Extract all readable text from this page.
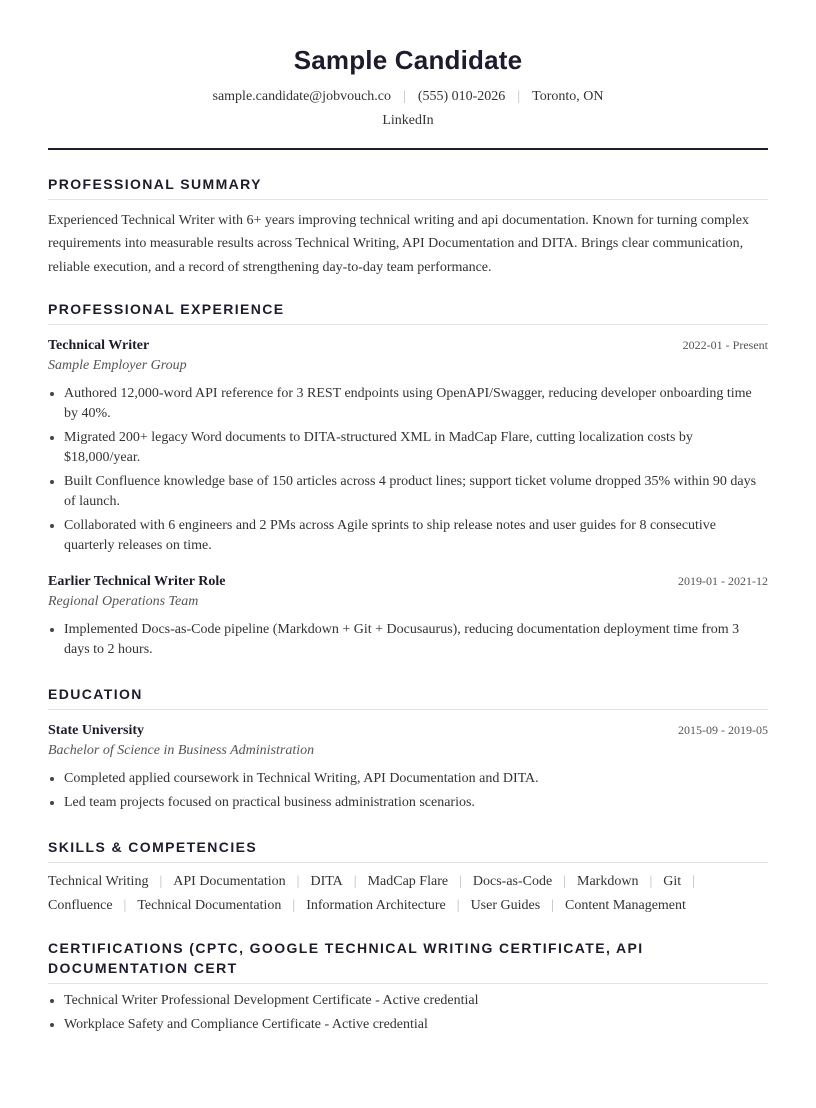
Sample Candidate
sample.candidate@jobvouch.co | (555) 010-2026 | Toronto, ON
LinkedIn
PROFESSIONAL SUMMARY
Experienced Technical Writer with 6+ years improving technical writing and api documentation. Known for turning complex
requirements into measurable results across Technical Writing, API Documentation and DITA. Brings clear communication,
reliable execution, and a record of strengthening day-to-day team performance.
PROFESSIONAL EXPERIENCE
Technical Writer	2022-01 - Present
Sample Employer Group
Authored 12,000-word API reference for 3 REST endpoints using OpenAPI/Swagger, reducing developer onboarding time
by 40%.
Migrated 200+ legacy Word documents to DITA-structured XML in MadCap Flare, cutting localization costs by
$18,000/year.
Built Confluence knowledge base of 150 articles across 4 product lines; support ticket volume dropped 35% within 90 days
of launch.
Collaborated with 6 engineers and 2 PMs across Agile sprints to ship release notes and user guides for 8 consecutive
quarterly releases on time.
Earlier Technical Writer Role	2019-01 - 2021-12
Regional Operations Team
Implemented Docs-as-Code pipeline (Markdown + Git + Docusaurus), reducing documentation deployment time from 3
days to 2 hours.
EDUCATION
State University	2015-09 - 2019-05
Bachelor of Science in Business Administration
Completed applied coursework in Technical Writing, API Documentation and DITA.
Led team projects focused on practical business administration scenarios.
SKILLS & COMPETENCIES
Technical Writing | API Documentation | DITA | MadCap Flare | Docs-as-Code | Markdown | Git |
Confluence | Technical Documentation | Information Architecture | User Guides | Content Management
CERTIFICATIONS (CPTC, GOOGLE TECHNICAL WRITING CERTIFICATE, API
DOCUMENTATION CERT
Technical Writer Professional Development Certificate - Active credential
Workplace Safety and Compliance Certificate - Active credential
